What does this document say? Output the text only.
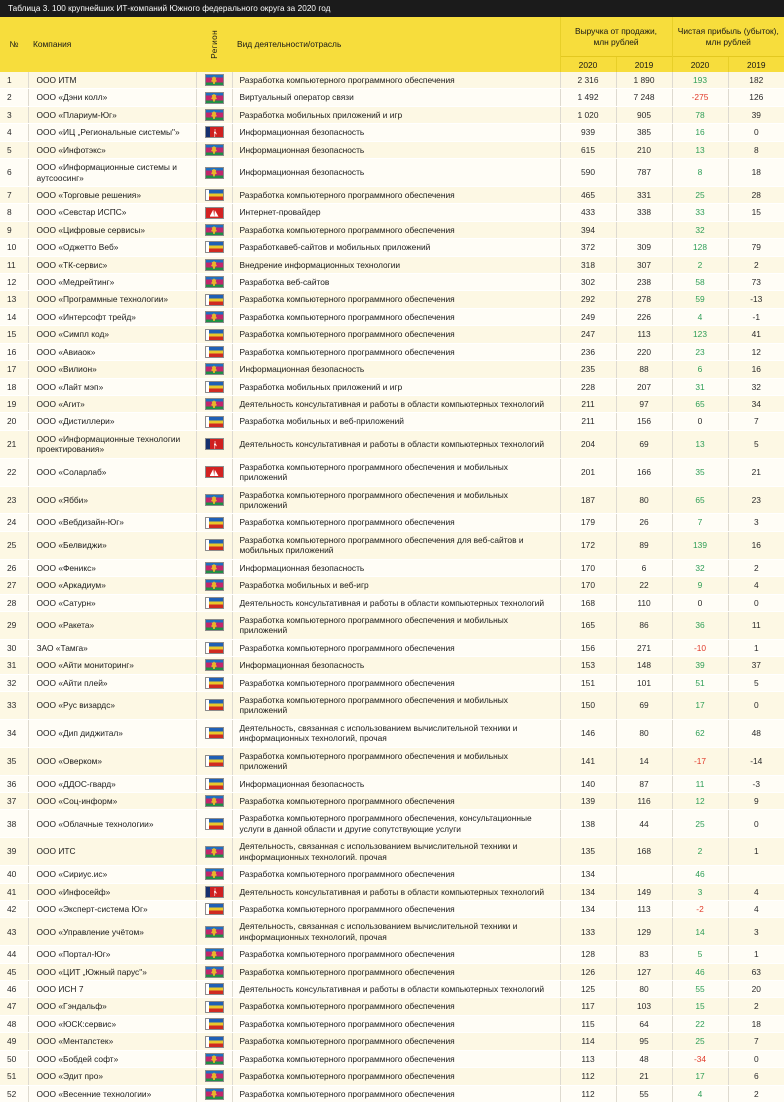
Таблица 3. 100 крупнейших ИТ-компаний Южного федерального округа за 2020 год
№	Компания	Регион	Вид деятельности/отрасль

Выручка от продажи,
млн рублей

Чистая прибыль (убыток),
млн рублей

				2020	2019	2020	2019
1	ООО ИТМ		Разработка компьютерного программного обеспечения	2 316	1 890	193	182
2	ООО «Дэни колл»		Виртуальный оператор связи	1 492	7 248	-275	126
3	ООО «Плариум-Юг»		Разработка мобильных приложений и игр	1 020	905	78	39
4	ООО «ИЦ „Региональные системы"»		Информационная безопасность	939	385	16	0
5	ООО «Инфотэкс»		Информационная безопасность	615	210	13	8
6	ООО «Информационные системы и аутсоосинг»		Информационная безопасность	590	787	8	18
7	ООО «Торговые решения»		Разработка компьютерного программного обеспечения	465	331	25	28
8	ООО «Севстар ИСПС»		Интернет-провайдер	433	338	33	15
9	ООО «Цифровые сервисы»		Разработка компьютерного программного обеспечения	394		32	
10	ООО «Оджетто Веб»		Разработкавеб-сайтов и мобильных приложений	372	309	128	79
11	ООО «ТК-сервис»		Внедрение информационных технологии	318	307	2	2
12	ООО «Медрейтинг»		Разработка веб-сайтов	302	238	58	73
13	ООО «Программные технологии»		Разработка компьютерного программного обеспечения	292	278	59	-13
14	ООО «Интерсофт трейд»		Разработка компьютерного программного обеспечения	249	226	4	-1
15	ООО «Симпл код»		Разработка компьютерного программного обеспечения	247	113	123	41
16	ООО «Авиаок»		Разработка компьютерного программного обеспечения	236	220	23	12
17	ООО «Вилион»		Информационная безопасность	235	88	6	16
18	ООО «Лайт мэп»		Разработка мобильных приложений и игр	228	207	31	32
19	ООО «Агит»		Деятельность консультативная и работы в области компьютерных технологий	211	97	65	34
20	ООО «Дистиллери»		Разработка мобильных и веб-приложений	211	156	0	7
21	ООО «Информационные технологии проектирования»		Деятельность консультативная и работы в области компьютерных технологий	204	69	13	5
22	ООО «Соларлаб»		Разработка компьютерного программного обеспечения и мобильных приложений	201	166	35	21
23	ООО «Ябби»		Разработка компьютерного программного обеспечения и мобильных приложений	187	80	65	23
24	ООО «Вебдизайн-Юг»		Разработка компьютерного программного обеспечения	179	26	7	3
25	ООО «Белвиджи»		Разработка компьютерного программного обеспечения для веб-сайтов и мобильных приложений	172	89	139	16
26	ООО «Феникс»		Информационная безопасность	170	6	32	2
27	ООО «Аркадиум»		Разработка мобильных и веб-игр	170	22	9	4
28	ООО «Сатурн»		Деятельность консультативная и работы в области компьютерных технологий	168	110	0	0
29	ООО «Ракета»		Разработка компьютерного программного обеспечения и мобильных приложений	165	86	36	11
30	ЗАО «Тамга»		Разработка компьютерного программного обеспечения	156	271	-10	1
31	ООО «Айти мониторинг»		Информационная безопасность	153	148	39	37
32	ООО «Айти плей»		Разработка компьютерного программного обеспечения	151	101	51	5
33	ООО «Рус визардс»		Разработка компьютерного программного обеспечения и мобильных приложений	150	69	17	0
34	ООО «Дип диджитал»		Деятельность, связанная с использованием вычислительной техники и информационных технологий, прочая	146	80	62	48
35	ООО «Оверком»		Разработка компьютерного программного обеспечения и мобильных приложений	141	14	-17	-14
36	ООО «ДДОС-гвард»		Информационная безопасность	140	87	11	-3
37	ООО «Соц-информ»		Разработка компьютерного программного обеспечения	139	116	12	9
38	ООО «Облачные технологии»		Разработка компьютерного программного обеспечения, консультационные услуги в данной области и другие сопутствующие услуги	138	44	25	0
39	ООО ИТС		Деятельность, связанная с использованием вычислительной техники и информационных технологий. прочая	135	168	2	1
40	ООО «Сириус.ис»		Разработка компьютерного программного обеспечения	134		46	
41	ООО «Инфосейф»		Деятельность консультативная и работы в области компьютерных технологий	134	149	3	4
42	ООО «Эксперт-система Юг»		Разработка компьютерного программного обеспечения	134	113	-2	4
43	ООО «Управление учётом»		Деятельность, связанная с использованием вычислительной техники и информационных технологий, прочая	133	129	14	3
44	ООО «Портал-Юг»		Разработка компьютерного программного обеспечения	128	83	5	1
45	ООО «ЦИТ „Южный парус"»		Разработка компьютерного программного обеспечения	126	127	46	63
46	ООО ИСН 7		Деятельность консультативная и работы в области компьютерных технологий	125	80	55	20
47	ООО «Гэндальф»		Разработка компьютерного программного обеспечения	117	103	15	2
48	ООО «ЮСК:сервис»		Разработка компьютерного программного обеспечения	115	64	22	18
49	ООО «Ментапстек»		Разработка компьютерного программного обеспечения	114	95	25	7
50	ООО «Бобдей софт»		Разработка компьютерного программного обеспечения	113	48	-34	0
51	ООО «Эдит про»		Разработка компьютерного программного обеспечения	112	21	17	6
52	ООО «Весенние технологии»		Разработка компьютерного программного обеспечения	112	55	4	2
